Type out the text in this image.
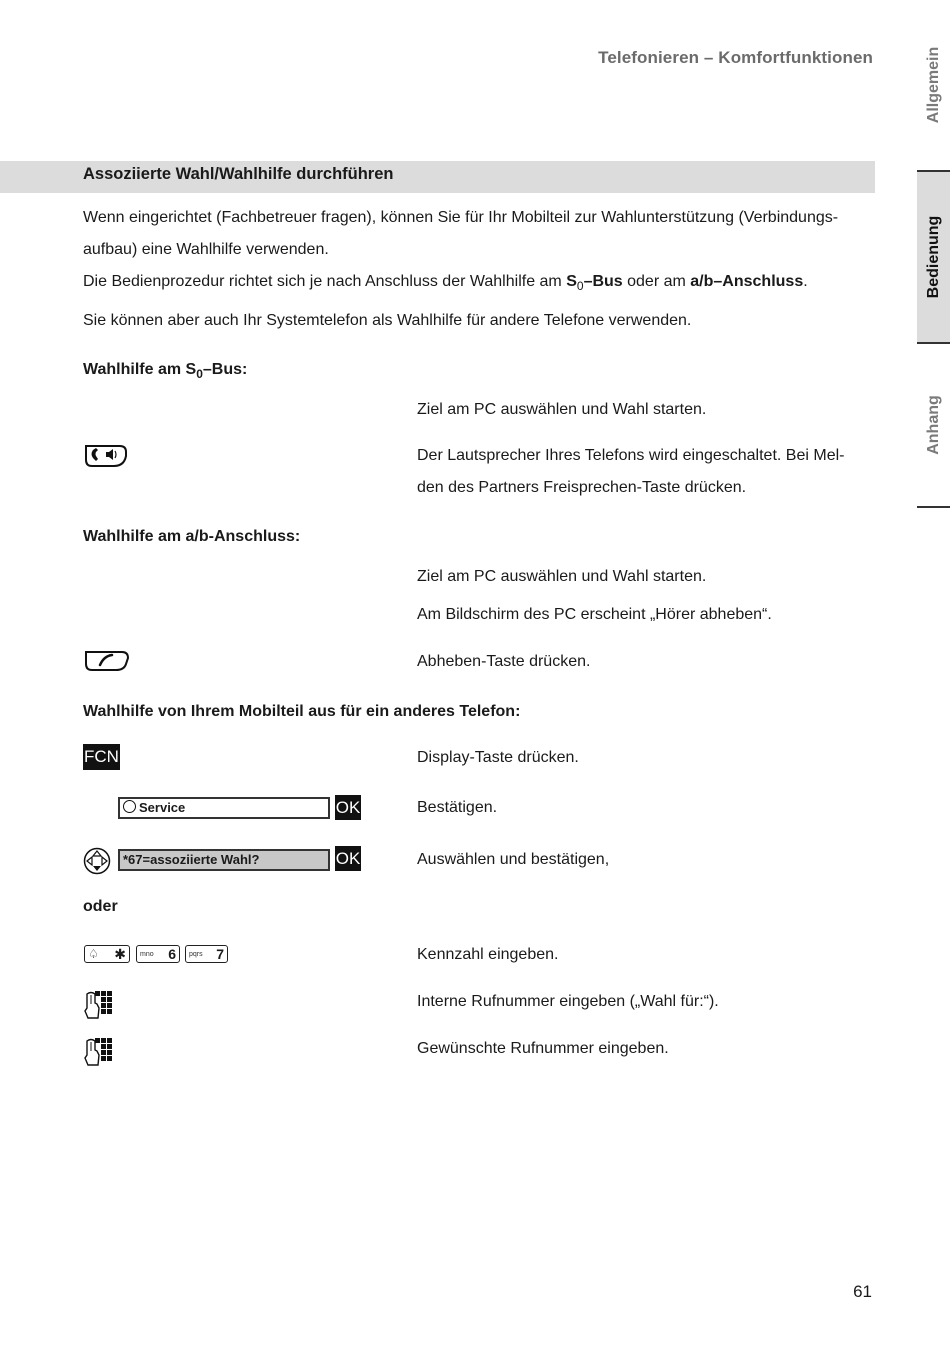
Telefonieren – Komfortfunktionen	Allgemein
Bedienung
Anhang
Assoziierte Wahl/Wahlhilfe durchführen
Wenn eingerichtet (Fachbetreuer fragen), können Sie für Ihr Mobilteil zur Wahlunterstützung (Verbindungs-
aufbau) eine Wahlhilfe verwenden.
Die Bedienprozedur richtet sich je nach Anschluss der Wahlhilfe am $S_0$–Bus oder am a/b–Anschluss.
Sie können aber auch Ihr Systemtelefon als Wahlhilfe für andere Telefone verwenden.
Wahlhilfe am $S_0$–Bus:
Ziel am PC auswählen und Wahl starten.
Der Lautsprecher Ihres Telefons wird eingeschaltet. Bei Mel-
den des Partners Freisprechen-Taste drücken.
Wahlhilfe am a/b-Anschluss:
Ziel am PC auswählen und Wahl starten.
Am Bildschirm des PC erscheint „Hörer abheben“.
Abheben-Taste drücken.
Wahlhilfe von Ihrem Mobilteil aus für ein anderes Telefon:
FCN	Display-Taste drücken.
Service	OK	Bestätigen.
*67=assoziierte Wahl?	OK	Auswählen und bestätigen,
oder
♤ ✱ mno 6 pqrs 7	Kennzahl eingeben.
Interne Rufnummer eingeben („Wahl für:“).
Gewünschte Rufnummer eingeben.
61
